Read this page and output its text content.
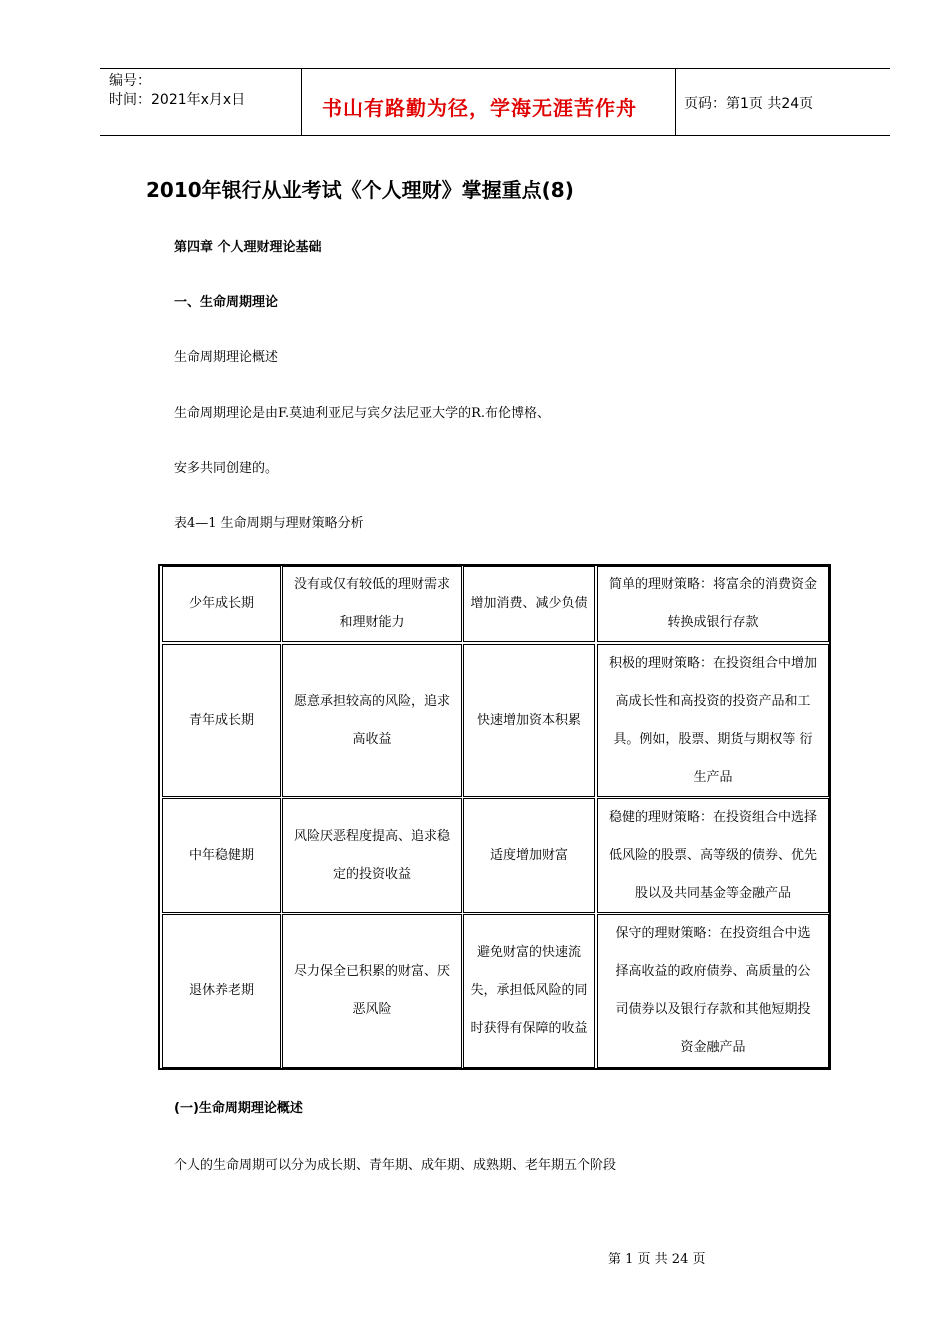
编号：
时间：2021年x月x日	书山有路勤为径，学海无涯苦作舟	页码：第1页 共24页
2010年银行从业考试《个人理财》掌握重点(8)
第四章 个人理财理论基础
一、生命周期理论
生命周期理论概述
生命周期理论是由F.莫迪利亚尼与宾夕法尼亚大学的R.布伦博格、
安多共同创建的。
表4—1 生命周期与理财策略分析
少年成长期
没有或仅有较低的理财需求
和理财能力
增加消费、减少负债
简单的理财策略：将富余的消费资金
转换成银行存款
青年成长期
愿意承担较高的风险，追求
高收益
快速增加资本积累
积极的理财策略：在投资组合中增加
高成长性和高投资的投资产品和工
具。例如，股票、期货与期权等 衍
生产品
中年稳健期
风险厌恶程度提高、追求稳
定的投资收益
适度增加财富
稳健的理财策略：在投资组合中选择
低风险的股票、高等级的债券、优先
股以及共同基金等金融产品
退休养老期
尽力保全已积累的财富、厌
恶风险
避免财富的快速流
失，承担低风险的同
时获得有保障的收益
保守的理财策略：在投资组合中选
择高收益的政府债券、高质量的公
司债券以及银行存款和其他短期投
资金融产品
(一)生命周期理论概述
个人的生命周期可以分为成长期、青年期、成年期、成熟期、老年期五个阶段
第 1 页 共 24 页
